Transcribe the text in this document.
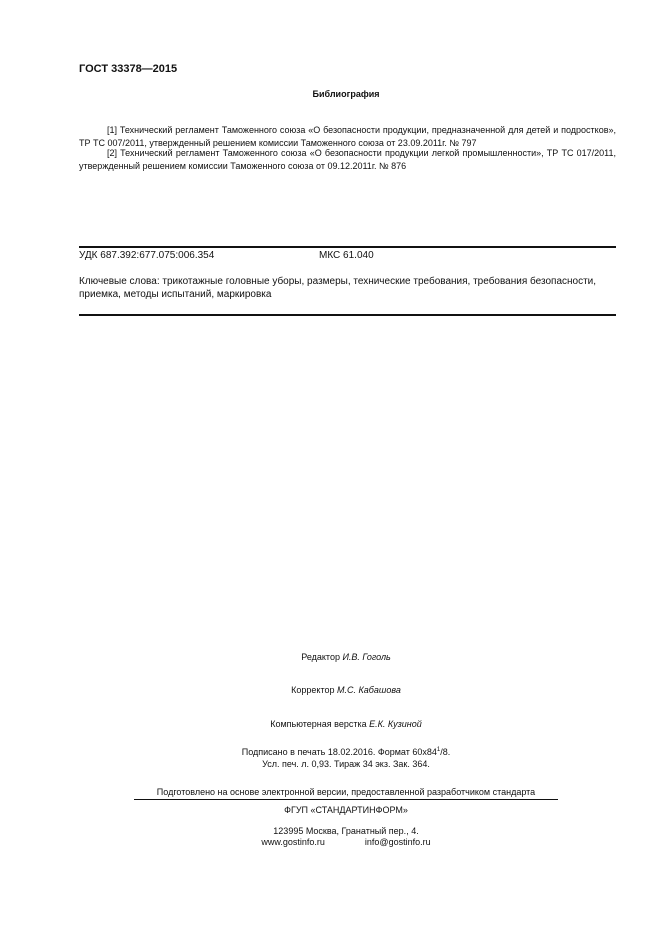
ГОСТ 33378—2015
Библиография
[1] Технический регламент Таможенного союза «О безопасности продукции, предназначенной для детей и подростков», ТР ТС 007/2011, утвержденный решением комиссии Таможенного союза от 23.09.2011г. № 797
[2] Технический регламент Таможенного союза «О безопасности продукции легкой промышленности», ТР ТС 017/2011, утвержденный решением комиссии Таможенного союза от 09.12.2011г. № 876
УДК 687.392:677.075:006.354	МКС 61.040
Ключевые слова: трикотажные головные уборы, размеры, технические требования, требования безопасности, приемка, методы испытаний, маркировка
Редактор И.В. Гоголь
Корректор М.С. Кабашова
Компьютерная верстка Е.К. Кузиной
Подписано в печать 18.02.2016. Формат $60x84^1/8$.
Усл. печ. л. 0,93. Тираж 34 экз. Зак. 364.
Подготовлено на основе электронной версии, предоставленной разработчиком стандарта
ФГУП «СТАНДАРТИНФОРМ»
123995 Москва, Гранатный пер., 4.
www.gostinfo.ru	info@gostinfo.ru
